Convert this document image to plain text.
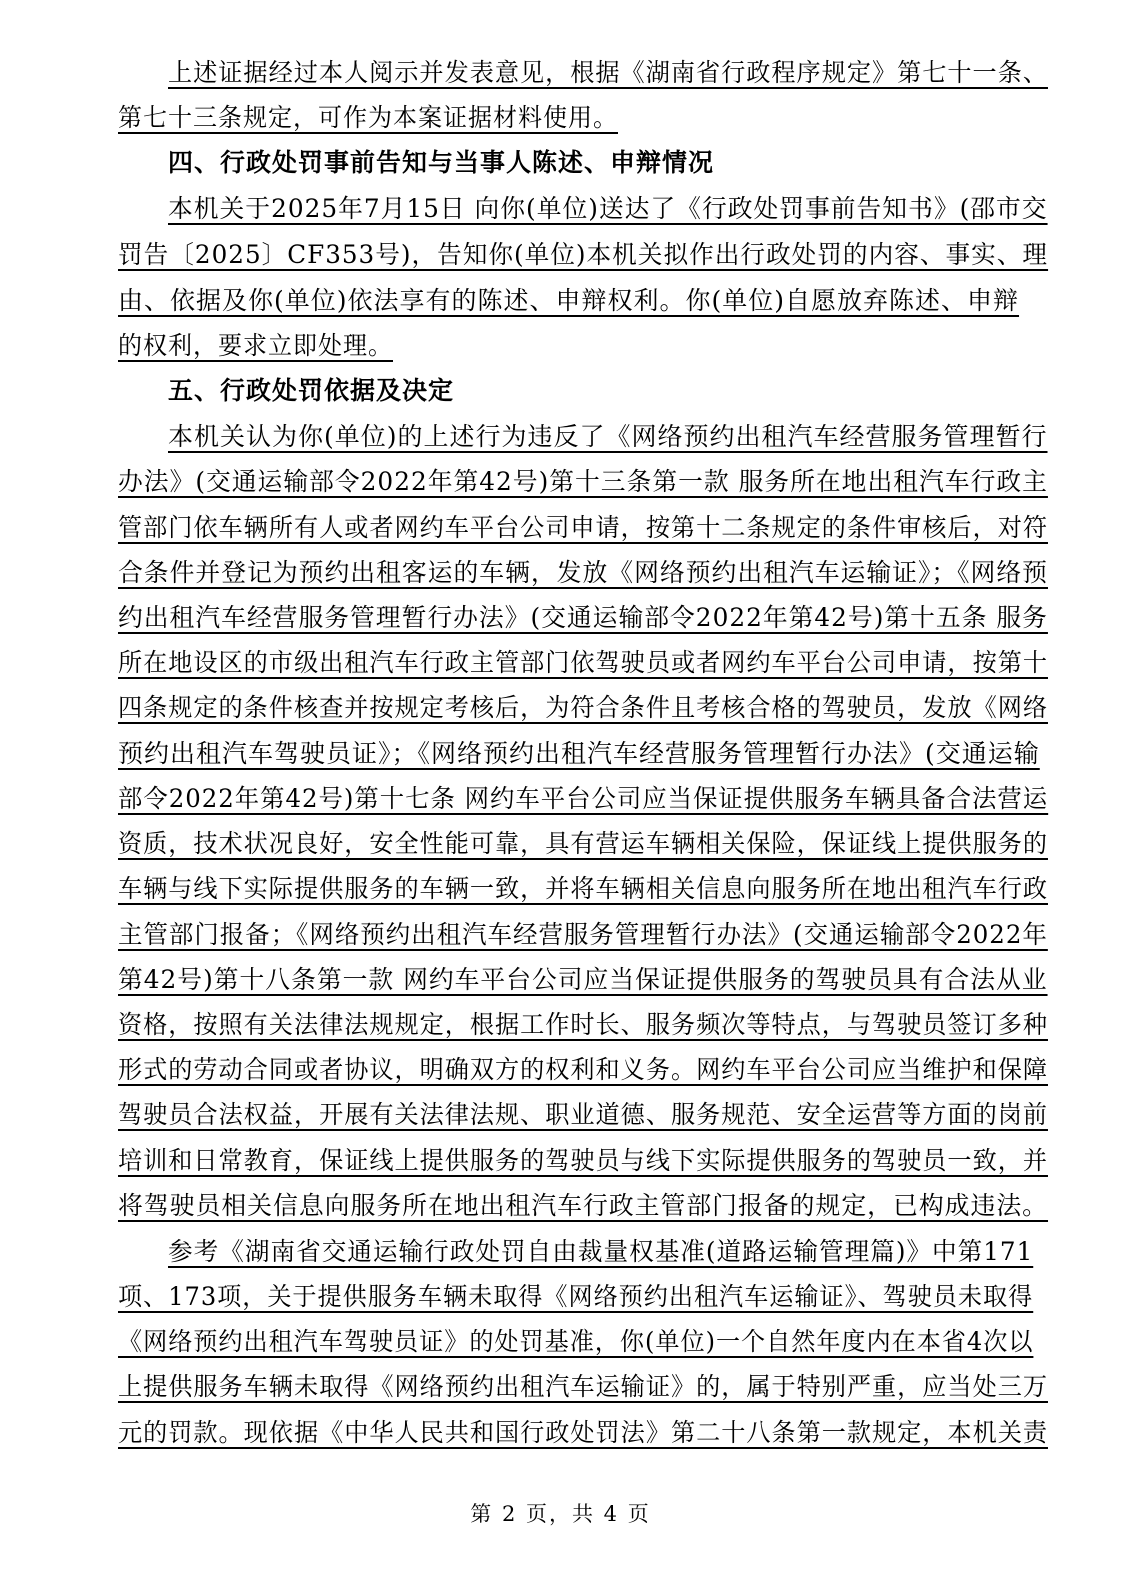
上述证据经过本人阅示并发表意见，根据《湖南省行政程序规定》第七十一条、
第七十三条规定，可作为本案证据材料使用。
四、行政处罚事前告知与当事人陈述、申辩情况
本机关于2025年7月15日 向你(单位)送达了《行政处罚事前告知书》(邵市交
罚告〔2025〕CF353号)，告知你(单位)本机关拟作出行政处罚的内容、事实、理
由、依据及你(单位)依法享有的陈述、申辩权利。你(单位)自愿放弃陈述、申辩
的权利，要求立即处理。
五、行政处罚依据及决定
本机关认为你(单位)的上述行为违反了《网络预约出租汽车经营服务管理暂行
办法》(交通运输部令2022年第42号)第十三条第一款 服务所在地出租汽车行政主
管部门依车辆所有人或者网约车平台公司申请，按第十二条规定的条件审核后，对符
合条件并登记为预约出租客运的车辆，发放《网络预约出租汽车运输证》；《网络预
约出租汽车经营服务管理暂行办法》(交通运输部令2022年第42号)第十五条 服务
所在地设区的市级出租汽车行政主管部门依驾驶员或者网约车平台公司申请，按第十
四条规定的条件核查并按规定考核后，为符合条件且考核合格的驾驶员，发放《网络
预约出租汽车驾驶员证》；《网络预约出租汽车经营服务管理暂行办法》(交通运输
部令2022年第42号)第十七条 网约车平台公司应当保证提供服务车辆具备合法营运
资质，技术状况良好，安全性能可靠，具有营运车辆相关保险，保证线上提供服务的
车辆与线下实际提供服务的车辆一致，并将车辆相关信息向服务所在地出租汽车行政
主管部门报备；《网络预约出租汽车经营服务管理暂行办法》(交通运输部令2022年
第42号)第十八条第一款 网约车平台公司应当保证提供服务的驾驶员具有合法从业
资格，按照有关法律法规规定，根据工作时长、服务频次等特点，与驾驶员签订多种
形式的劳动合同或者协议，明确双方的权利和义务。网约车平台公司应当维护和保障
驾驶员合法权益，开展有关法律法规、职业道德、服务规范、安全运营等方面的岗前
培训和日常教育，保证线上提供服务的驾驶员与线下实际提供服务的驾驶员一致，并
将驾驶员相关信息向服务所在地出租汽车行政主管部门报备的规定，已构成违法。
参考《湖南省交通运输行政处罚自由裁量权基准(道路运输管理篇)》中第171
项、173项，关于提供服务车辆未取得《网络预约出租汽车运输证》、驾驶员未取得
《网络预约出租汽车驾驶员证》的处罚基准，你(单位)一个自然年度内在本省4次以
上提供服务车辆未取得《网络预约出租汽车运输证》的，属于特别严重，应当处三万
元的罚款。现依据《中华人民共和国行政处罚法》第二十八条第一款规定，本机关责
第 2 页，共 4 页
